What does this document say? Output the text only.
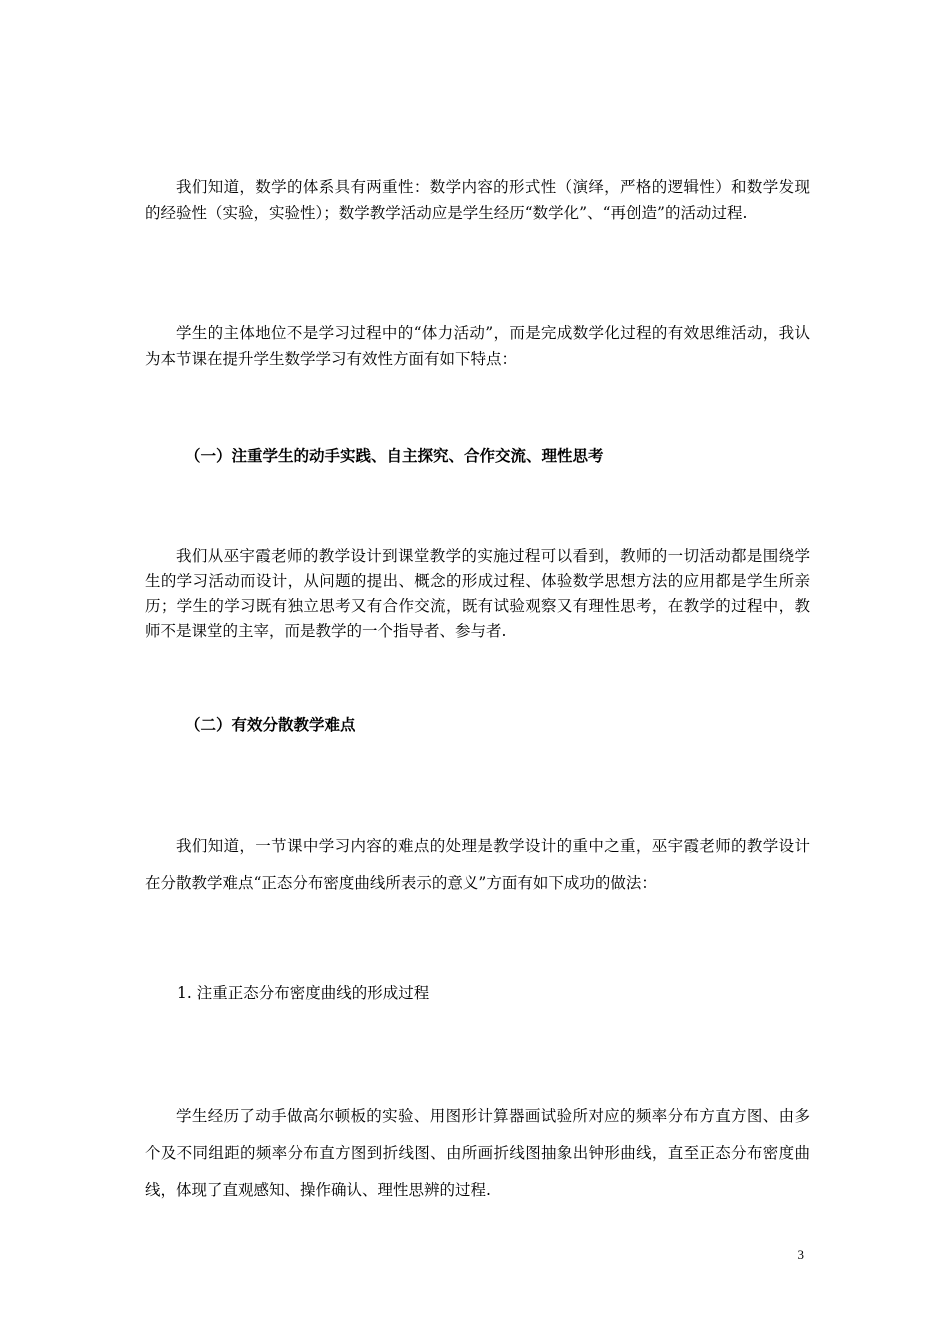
我们知道，数学的体系具有两重性：数学内容的形式性（演绎，严格的逻辑性）和数学发现的经验性（实验，实验性）；数学教学活动应是学生经历“数学化”、“再创造”的活动过程.

学生的主体地位不是学习过程中的“体力活动”，而是完成数学化过程的有效思维活动，我认为本节课在提升学生数学学习有效性方面有如下特点：

（一）注重学生的动手实践、自主探究、合作交流、理性思考

我们从巫宇霞老师的教学设计到课堂教学的实施过程可以看到，教师的一切活动都是围绕学生的学习活动而设计，从问题的提出、概念的形成过程、体验数学思想方法的应用都是学生所亲历；学生的学习既有独立思考又有合作交流，既有试验观察又有理性思考，在教学的过程中，教师不是课堂的主宰，而是教学的一个指导者、参与者.

（二）有效分散教学难点

我们知道，一节课中学习内容的难点的处理是教学设计的重中之重，巫宇霞老师的教学设计在分散教学难点“正态分布密度曲线所表示的意义”方面有如下成功的做法：

1. 注重正态分布密度曲线的形成过程

学生经历了动手做高尔顿板的实验、用图形计算器画试验所对应的频率分布方直方图、由多个及不同组距的频率分布直方图到折线图、由所画折线图抽象出钟形曲线，直至正态分布密度曲线，体现了直观感知、操作确认、理性思辨的过程.

3
